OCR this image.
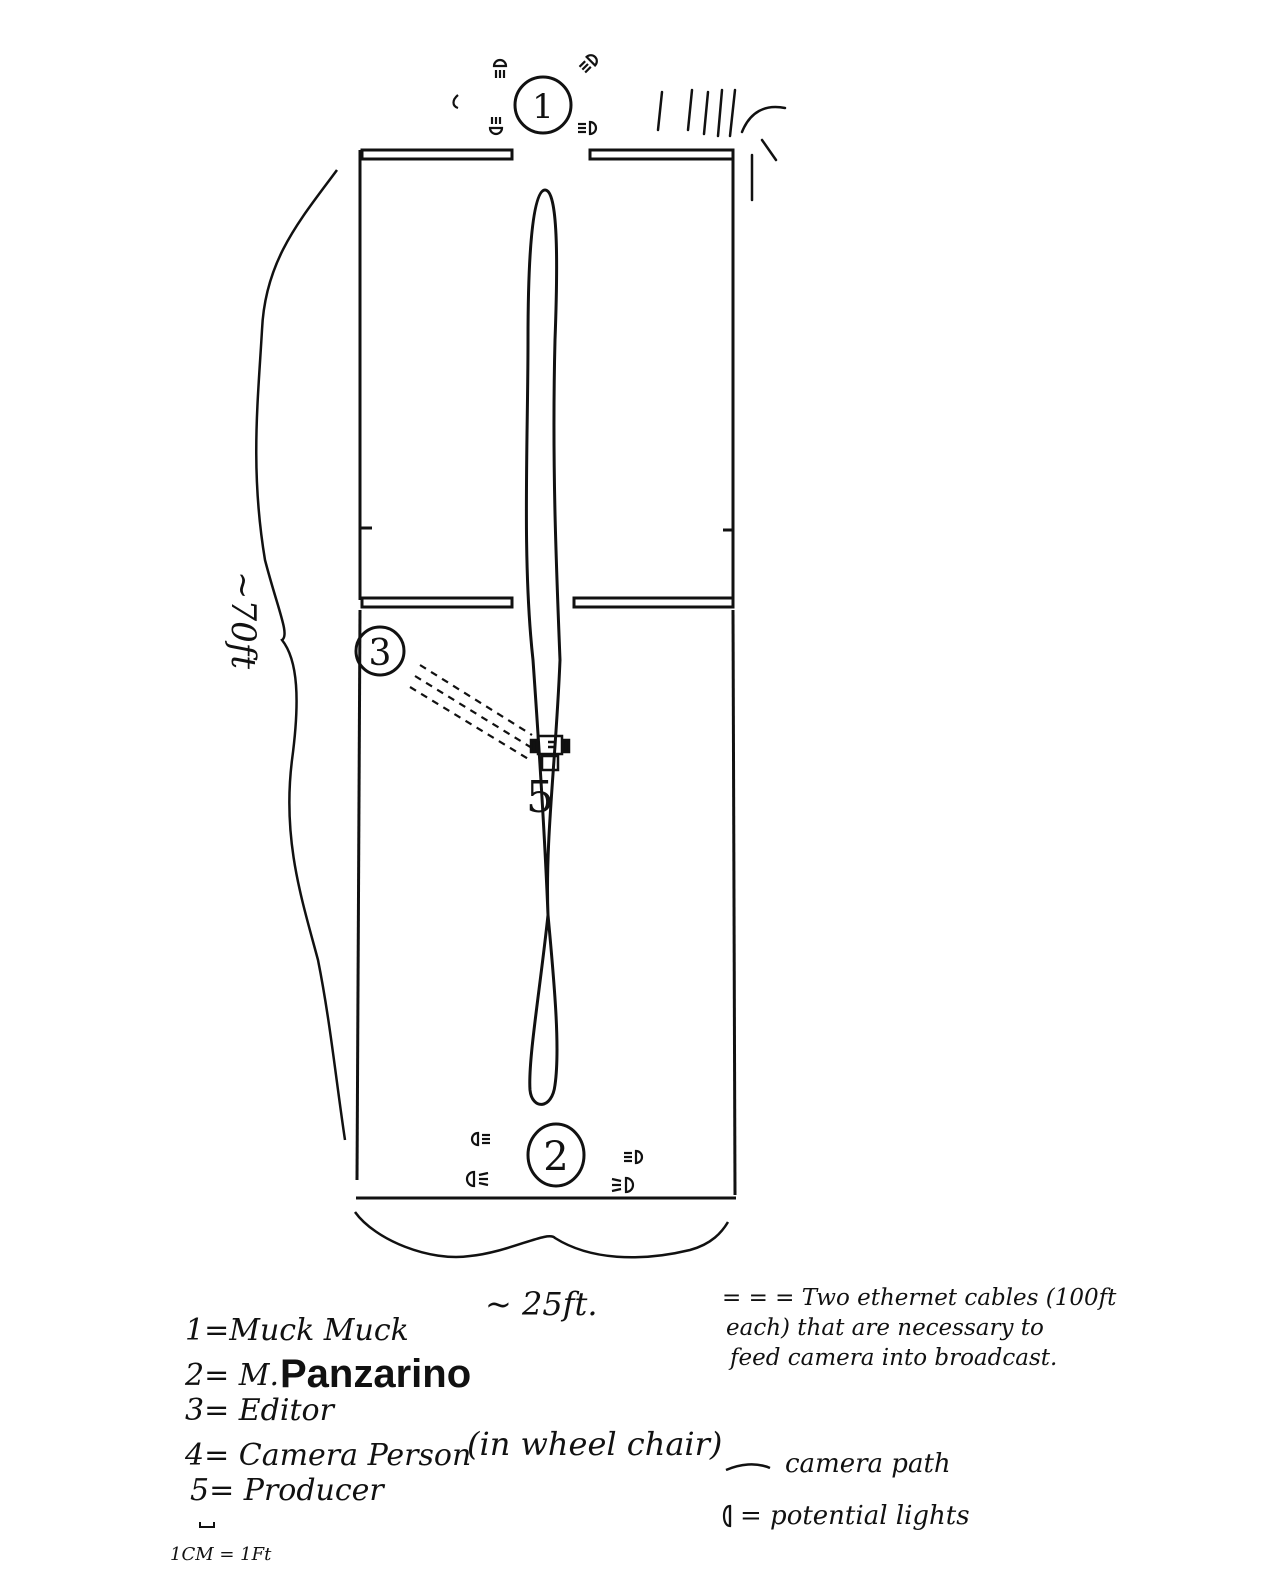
1
2
3
5
~70ft
~ 25ft.
1=Muck Muck
2= M. Panzarino
3= Editor
4= Camera Person
(in wheel chair)
5= Producer
1CM = 1Ft
= = = Two ethernet cables (100ft
each) that are necessary to
feed camera into broadcast.
camera path
= potential lights
